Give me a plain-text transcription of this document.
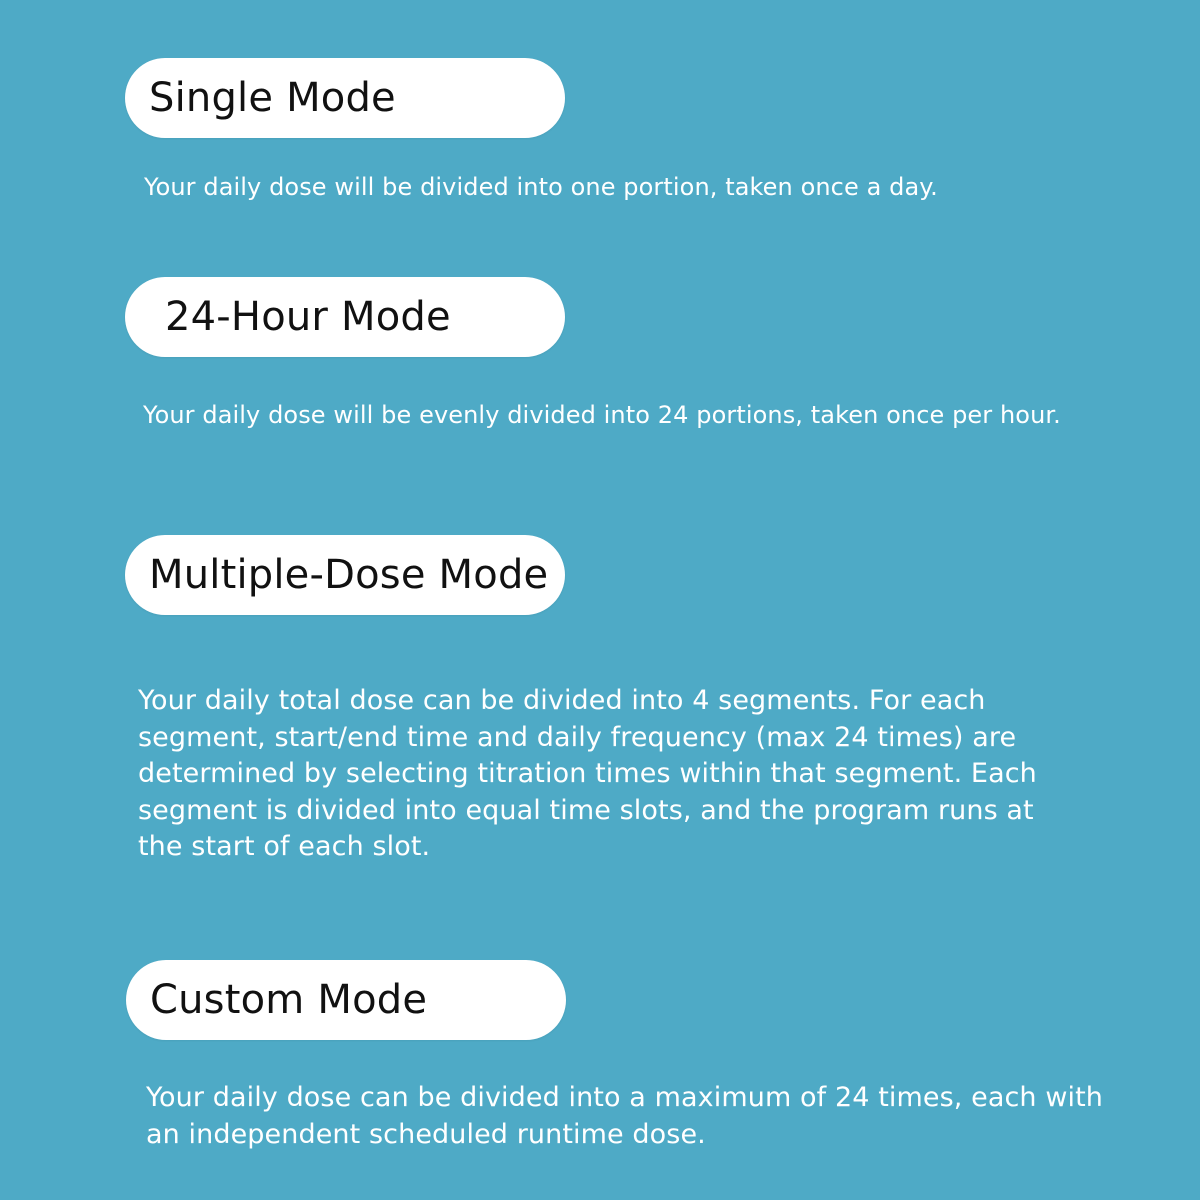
Single Mode

Your daily dose will be divided into one portion, taken once a day.

24-Hour Mode

Your daily dose will be evenly divided into 24 portions, taken once per hour.

Multiple-Dose Mode

Your daily total dose can be divided into 4 segments. For each segment, start/end time and daily frequency (max 24 times) are determined by selecting titration times within that segment. Each segment is divided into equal time slots, and the program runs at the start of each slot.

Custom Mode

Your daily dose can be divided into a maximum of 24 times, each with an independent scheduled runtime dose.
